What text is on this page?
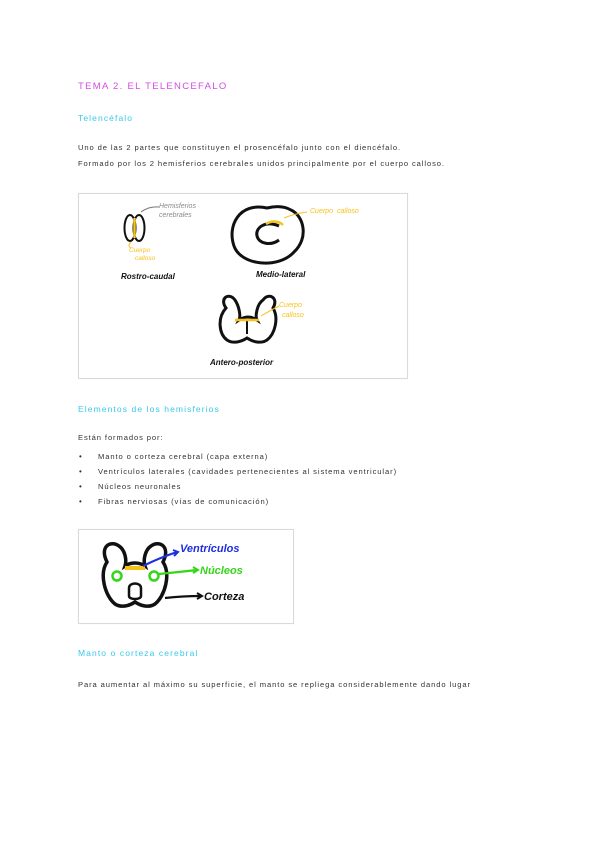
TEMA 2. EL TELENCEFALO
Telencéfalo
Uno de las 2 partes que constituyen el prosencéfalo junto con el diencéfalo.
Formado por los 2 hemisferios cerebrales unidos principalmente por el cuerpo calloso.
Hemisferios
cerebrales
Cuerpo
calloso
Rostro-caudal
Cuerpo calloso
Medio-lateral
Cuerpo
calloso
Antero-posterior
Elementos de los hemisferios
Están formados por:
• Manto o corteza cerebral (capa externa)
• Ventrículos laterales (cavidades pertenecientes al sistema ventricular)
• Núcleos neuronales
• Fibras nerviosas (vías de comunicación)
Ventrículos
Núcleos
Corteza
Manto o corteza cerebral
Para aumentar al máximo su superficie, el manto se repliega considerablemente dando lugar
